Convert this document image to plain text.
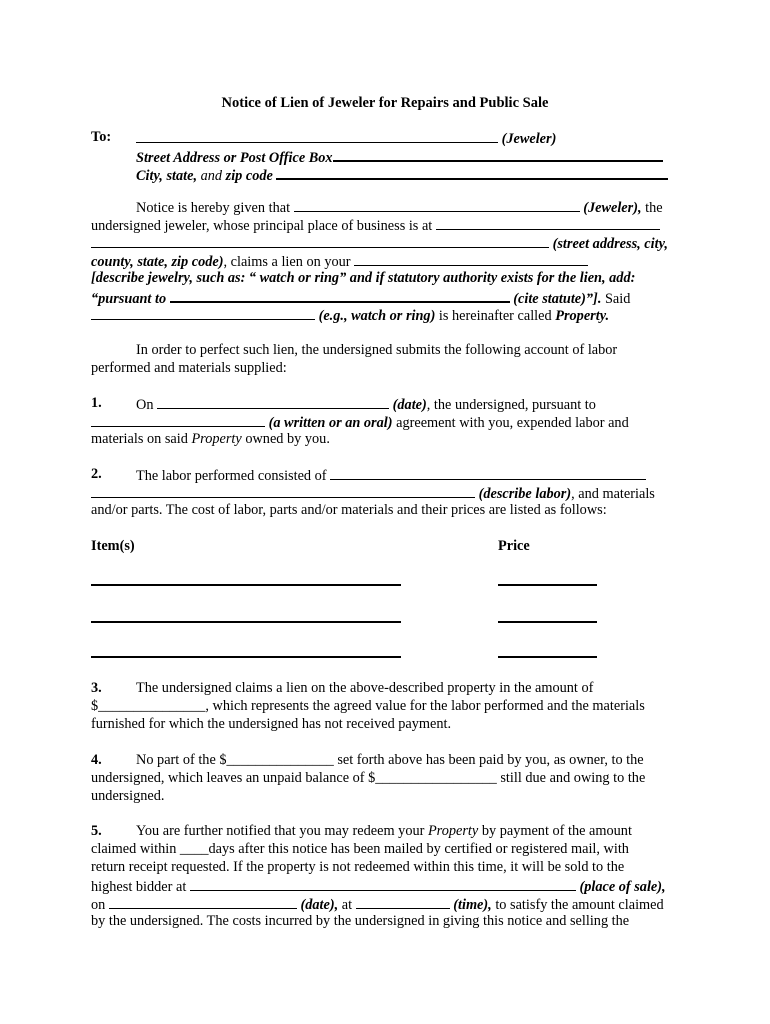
Notice of Lien of Jeweler for Repairs and Public Sale
To:	(Jeweler)
Street Address or Post Office Box
City, state, and zip code
Notice is hereby given that	(Jeweler), the
undersigned jeweler, whose principal place of business is at
(street address, city,
county, state, zip code), claims a lien on your
[describe jewelry, such as: “ watch or ring” and if statutory authority exists for the lien, add:
“pursuant to	(cite statute)”]. Said
(e.g., watch or ring) is hereinafter called Property.
In order to perfect such lien, the undersigned submits the following account of labor
performed and materials supplied:
1. On	(date), the undersigned, pursuant to
(a written or an oral) agreement with you, expended labor and
materials on said Property owned by you.
2. The labor performed consisted of
(describe labor), and materials
and/or parts. The cost of labor, parts and/or materials and their prices are listed as follows:
Item(s)	Price
3. The undersigned claims a lien on the above-described property in the amount of
$_______________, which represents the agreed value for the labor performed and the materials
furnished for which the undersigned has not received payment.
4. No part of the $_______________ set forth above has been paid by you, as owner, to the
undersigned, which leaves an unpaid balance of $_________________ still due and owing to the
undersigned.
5. You are further notified that you may redeem your Property by payment of the amount
claimed within ____days after this notice has been mailed by certified or registered mail, with
return receipt requested. If the property is not redeemed within this time, it will be sold to the
highest bidder at	(place of sale),
on	(date), at	(time), to satisfy the amount claimed
by the undersigned. The costs incurred by the undersigned in giving this notice and selling the
